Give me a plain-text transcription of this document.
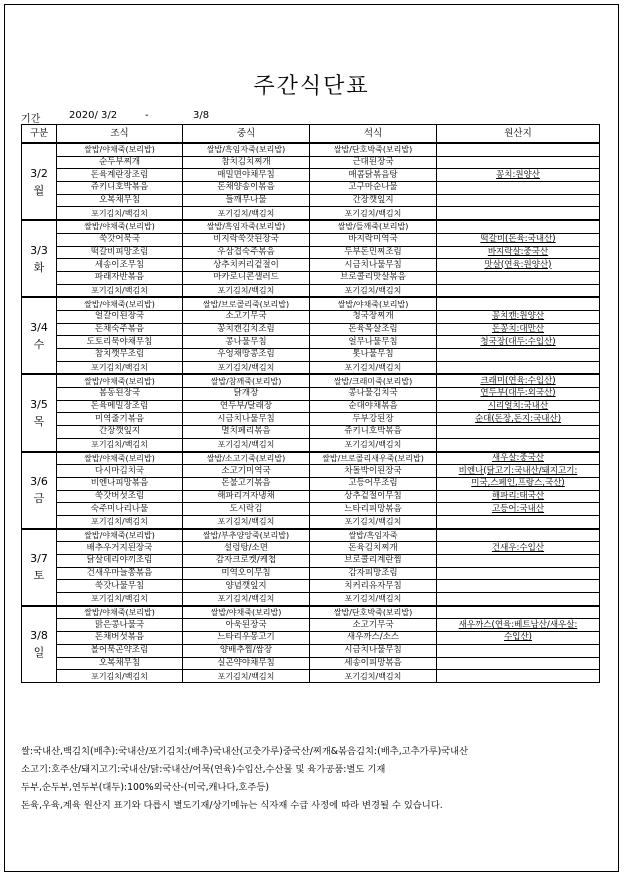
주간식단표
기간	2020/ 3/2	-	3/8
구분	조식	중식	석식	원산지

3/2
월	쌀밥/야채죽(보리밥)	쌀밥/흑임자죽(보리밥)	쌀밥/단호박죽(보리밥)	
	순두부찌개	참치김치찌개	근대된장국	
	돈육계란장조림	매밀면야채무침	매콤닭볶음탕	꽁치:원양산
	쥬키니호박볶음	돈채양송이볶음	고구마순나물	
	오복채무침	들깨무나물	간장깻잎지	
	포기김치/백김치	포기김치/백김치	포기김치/백김치	

3/3
화	쌀밥/야채죽(보리밥)	쌀밥/흑임자죽(보리밥)	쌀밥/들깨죽(보리밥)	
	쑥갓어묵국	비지락쑥갓된장국	바지락미역국	떡갈비(돈육:국내산)
	떡갈비피망조림	우삼겹숙주볶음	두부돈민찌조림	바지락살:중국산
	세송이조무침	상추치커리겉절이	시금치나물무침	맛살(연육:원양산)
	파래자반볶음	마카로니콘샐러드	브로콜리맛살볶음	
	포기김치/백김치	포기김치/백김치	포기김치/백김치	

3/4
수	쌀밥/야채죽(보리밥)	쌀밥/브로콜리죽(보리밥)	쌀밥/야채죽(보리밥)	
	얼갈이된장국	소고기무국	청국장찌개	꽁치캔:원양산
	돈채숙주볶음	꽁치캔김치조림	돈육목살조림	돈꽁치:대만산
	도토리묵야채무침	콩나물무침	얼무나물무침	청국장(대두:수입산)
	참치깻무조림	우엉채땅콩조림	톳나물무침	
	포기김치/백김치	포기김치/백김치	포기김치/백김치	

3/5
목	쌀밥/야채죽(보리밥)	쌀밥/참깨죽(보리밥)	쌀밥/크래미죽(보리밥)	크래미(연육:수입산)
	봄동된장국	닭개장	콩나물김치국	연두부(대두:외국산)
	돈육메밀장조림	연두부/달래장	순대야채볶음	시리얼치:국내산
	미역줄기볶음	시금치나물무침	두부강된장	순대(돈장,돈지:국내산)
	간장깻잎지	멸치페리볶음	쥬키니호박볶음	
	포기김치/백김치	포기김치/백김치	포기김치/백김치	

3/6
금	쌀밥/야채죽(보리밥)	쌀밥/소고기죽(보리밥)	쌀밥/브로콜리새우죽(보리밥)	새우살:중국산
	다시마김치국	소고기미역국	차돌박이된장국	비엔나(닭고기:국내산/돼지고기:
	비엔나피망볶음	돈불고기볶음	고등어무조림	미국,스페인,프랑스,국산)
	쑥갓버섯조림	해파리겨자냉채	상추겉절이무침	해파리:태국산
	숙주미나리나물	도시락김	느타리피망볶음	고등어:국내산
	포기김치/백김치	포기김치/백김치	포기김치/백김치	

3/7
토	쌀밥/야채죽(보리밥)	쌀밥/부추양앙죽(보리밥)	쌀밥/흑임자죽	
	배추우거지된장국	설렁탕/소면	돈육김치찌개	건새우:수입산
	닭살데리야끼조림	감자크로켓/케첩	브로콜리계란찜	
	건새우마늘쫑볶음	미역오이무침	감자피망조림	
	쑥갓나물무침	양념깻잎지	치커리유자무침	
	포기김치/백김치	포기김치/백김치	포기김치/백김치	

3/8
일	쌀밥/야채죽(보리밥)	쌀밥/야채죽(보리밥)	쌀밥/단호박죽(보리밥)	
	맑은콩나물국	아욱된장국	소고기무국	새우까스(연육:베트남산/새우살:
	돈채버섯볶음	느타리우몽고기	새우까스/소스	수입산)
	볼어묵곤약조림	양배추찜/쌈장	시금치나물무침	
	오복채무침	실곤약야채무침	세송이피망볶음	
	포기김치/백김치	포기김치/백김치	포기김치/백김치	
쌀:국내산,백김치(배추):국내산/포기김치:(배추)국내산(고춧가루)중국산/찌개&볶음김치:(배추,고추가루)국내산
소고기:호주산/돼지고기:국내산/닭:국내산/어묵(연육)수입산,수산물 및 육가공품:별도 기재
두부,순두부,연두부(대두):100%외국산-(미국,캐나다,호주등)
돈육,우육,계육 원산지 표기와 다릅시 별도기재/상기메뉴는 식자재 수급 사정에 따라 변경될 수 있습니다.
